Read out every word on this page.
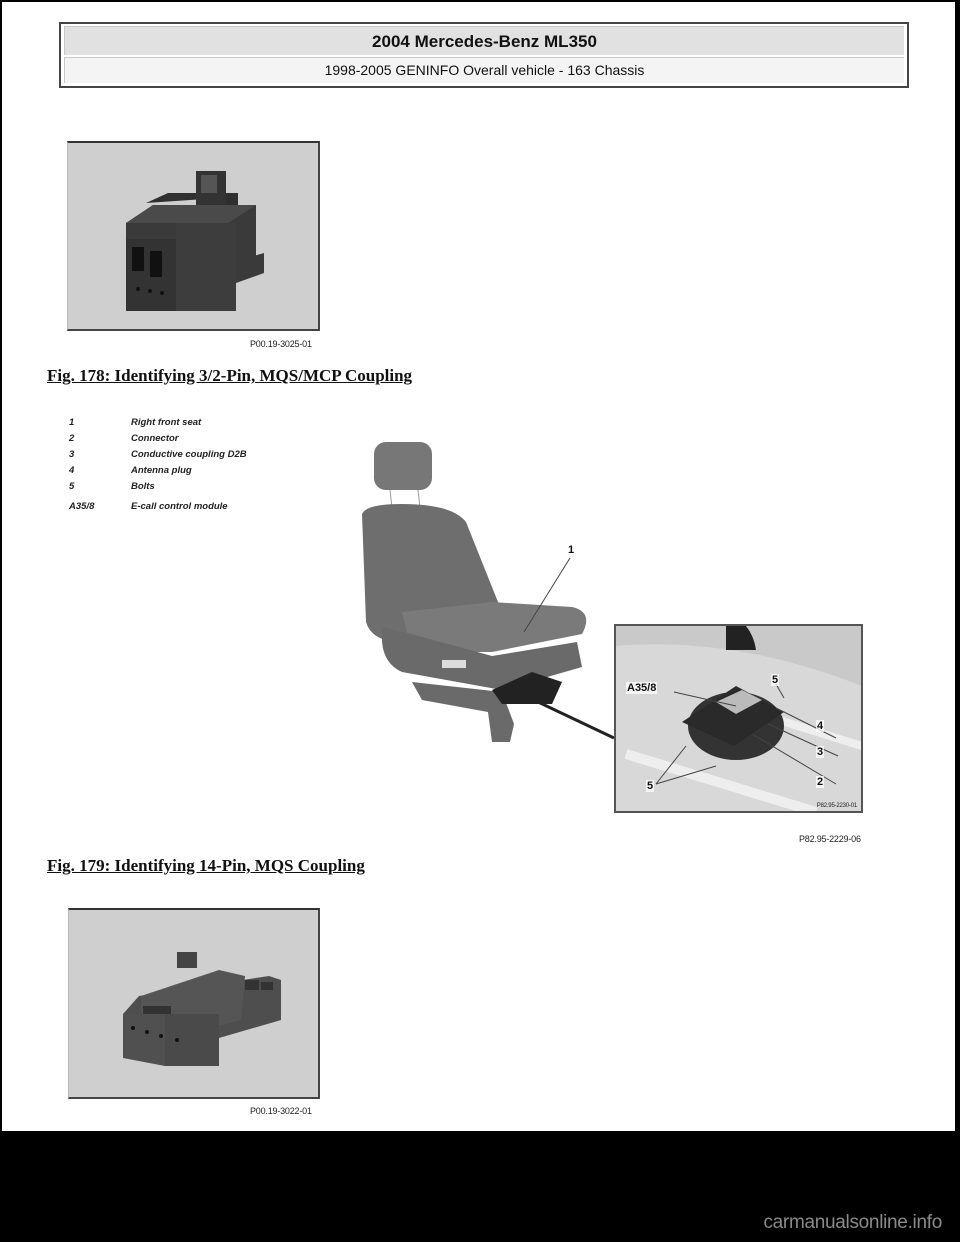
2004 Mercedes-Benz ML350
1998-2005 GENINFO Overall vehicle - 163 Chassis
P00.19-3025-01
Fig. 178: Identifying 3/2-Pin, MQS/MCP Coupling
1	Right front seat
2	Connector
3	Conductive coupling D2B
4	Antenna plug
5	Bolts
A35/8	E-call control module
1
A35/8
5
4
3
2
5
P82.95-2230-01
P82.95-2229-06
Fig. 179: Identifying 14-Pin, MQS Coupling
P00.19-3022-01
carmanualsonline.info
